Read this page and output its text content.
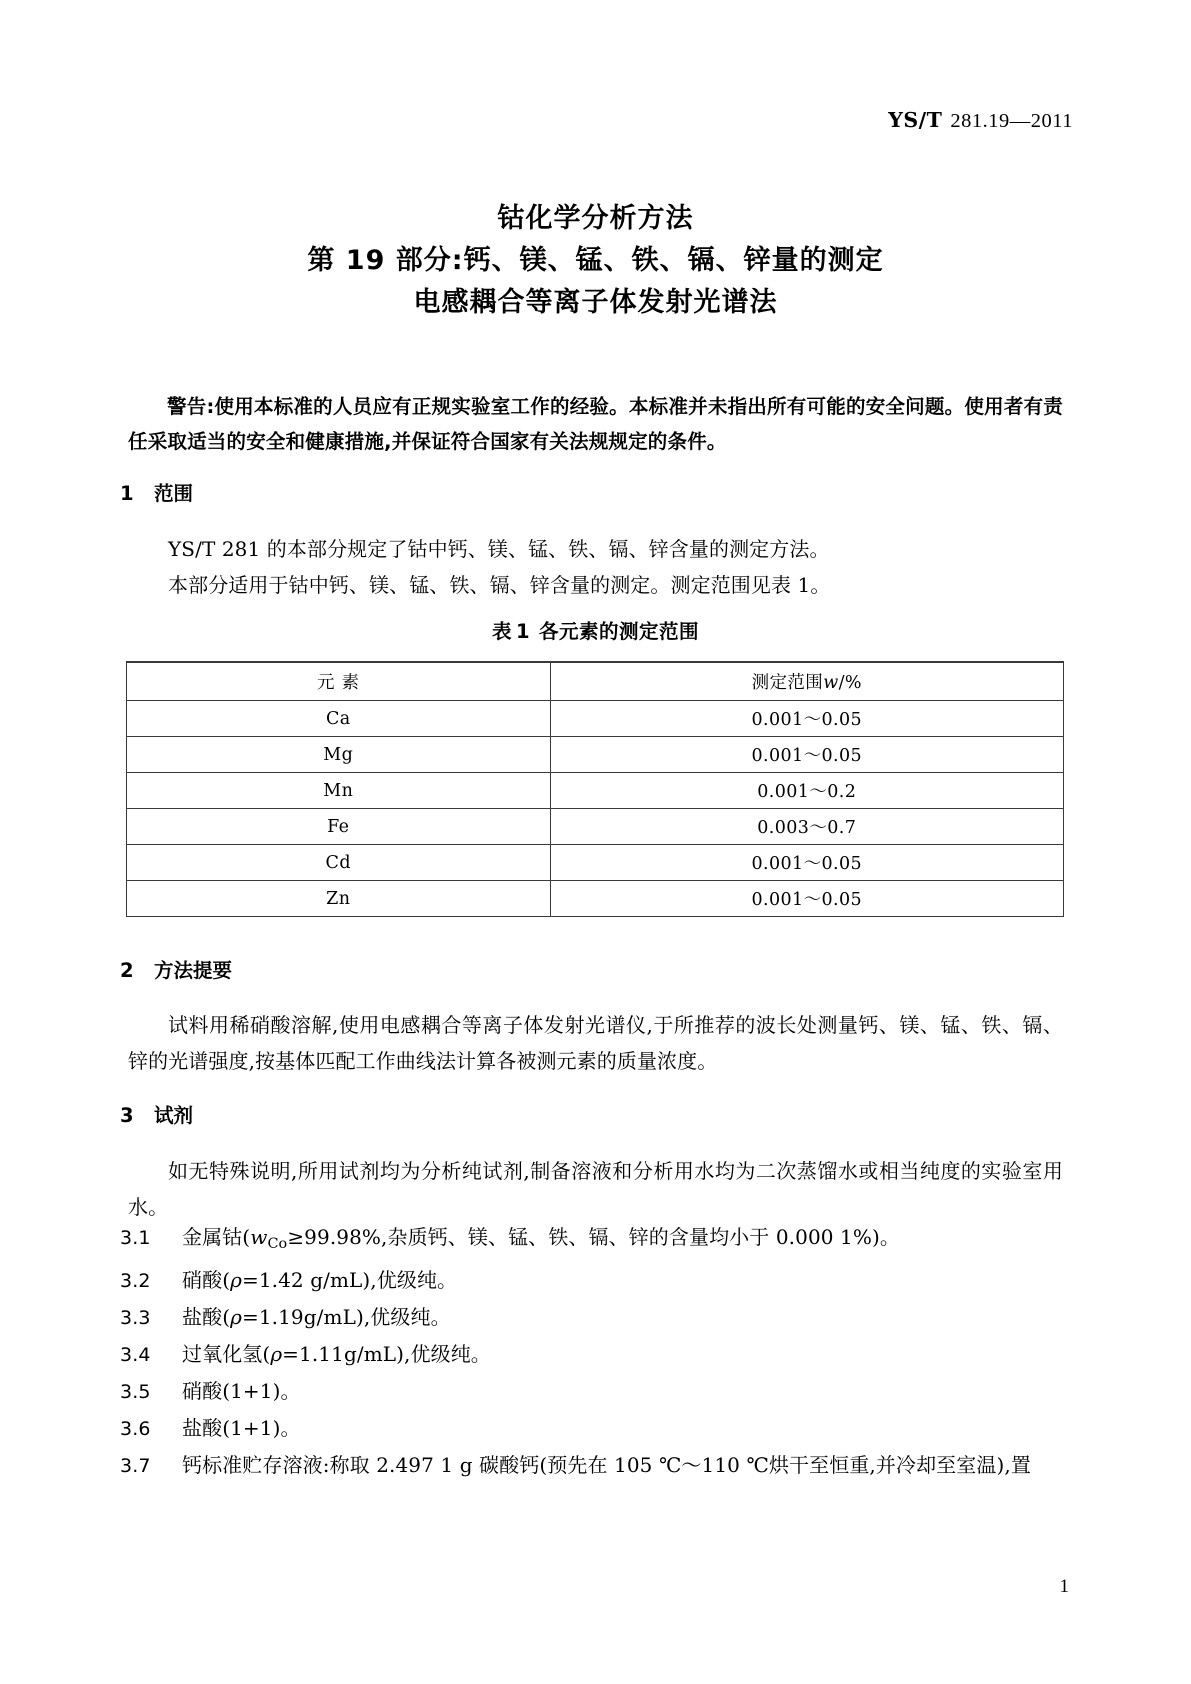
YS/T 281.19—2011
钴化学分析方法
第 19 部分:钙、镁、锰、铁、镉、锌量的测定
电感耦合等离子体发射光谱法
警告:使用本标准的人员应有正规实验室工作的经验。本标准并未指出所有可能的安全问题。使用者有责任采取适当的安全和健康措施,并保证符合国家有关法规规定的条件。
1 范围
YS/T 281 的本部分规定了钴中钙、镁、锰、铁、镉、锌含量的测定方法。
本部分适用于钴中钙、镁、锰、铁、镉、锌含量的测定。测定范围见表 1。
表 1 各元素的测定范围
元素	测定范围w/%
Ca	0.001～0.05
Mg	0.001～0.05
Mn	0.001～0.2
Fe	0.003～0.7
Cd	0.001～0.05
Zn	0.001～0.05
2 方法提要
试料用稀硝酸溶解,使用电感耦合等离子体发射光谱仪,于所推荐的波长处测量钙、镁、锰、铁、镉、锌的光谱强度,按基体匹配工作曲线法计算各被测元素的质量浓度。
3 试剂
如无特殊说明,所用试剂均为分析纯试剂,制备溶液和分析用水均为二次蒸馏水或相当纯度的实验室用水。
3.1 金属钴($w_{Co}\ge 99.98\%$,杂质钙、镁、锰、铁、镉、锌的含量均小于 0.000 1%)。
3.2 硝酸(ρ=1.42 g/mL),优级纯。
3.3 盐酸(ρ=1.19g/mL),优级纯。
3.4 过氧化氢(ρ=1.11g/mL),优级纯。
3.5 硝酸(1+1)。
3.6 盐酸(1+1)。
3.7 钙标准贮存溶液:称取 2.497 1 g 碳酸钙(预先在 105 ℃～110 ℃烘干至恒重,并冷却至室温),置
1
